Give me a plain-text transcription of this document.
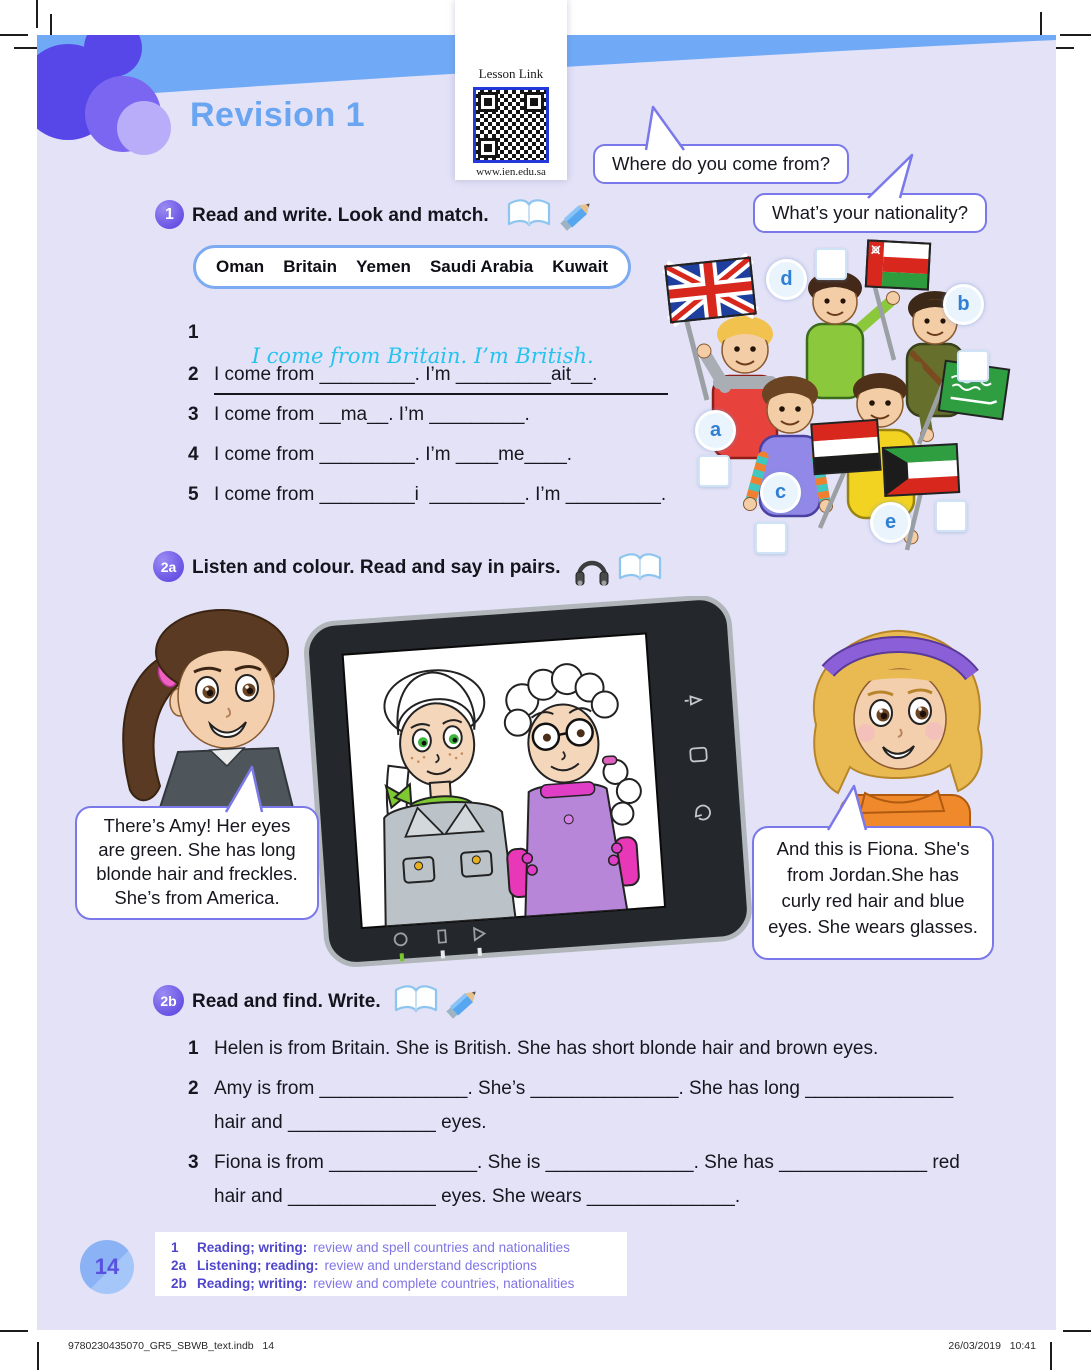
Revision 1
Lesson Link
www.ien.edu.sa	Where do you come from?
What’s your nationality?
1 Read and write. Look and match.
Oman Britain Yemen Saudi Arabia Kuwait
1

I come from Britain. I’m British.

2 I come from _________. I’m _________ait__.
3 I come from __ma__. I’m _________.
4 I come from _________. I’m ____me____.
5 I come from _________i  _________. I’m _________.
d
b
a
c
e
2a Listen and colour. Read and say in pairs.
There’s Amy! Her eyes
are green. She has long
blonde hair and freckles.
She’s from America.
And this is Fiona. She's
from Jordan.She has
curly red hair and blue
eyes. She wears glasses.
2b Read and find. Write.
1 Helen is from Britain. She is British. She has short blonde hair and brown eyes.
2 Amy is from ______________. She’s ______________. She has long ______________
hair and ______________ eyes.
3 Fiona is from ______________. She is ______________. She has ______________ red
hair and ______________ eyes. She wears ______________.
1	Reading; writing: review and spell countries and nationalities
2a Listening; reading: review and understand descriptions
2b Reading; writing: review and complete countries, nationalities
14
9780230435070_GR5_SBWB_text.indb   14	26/03/2019   10:41
